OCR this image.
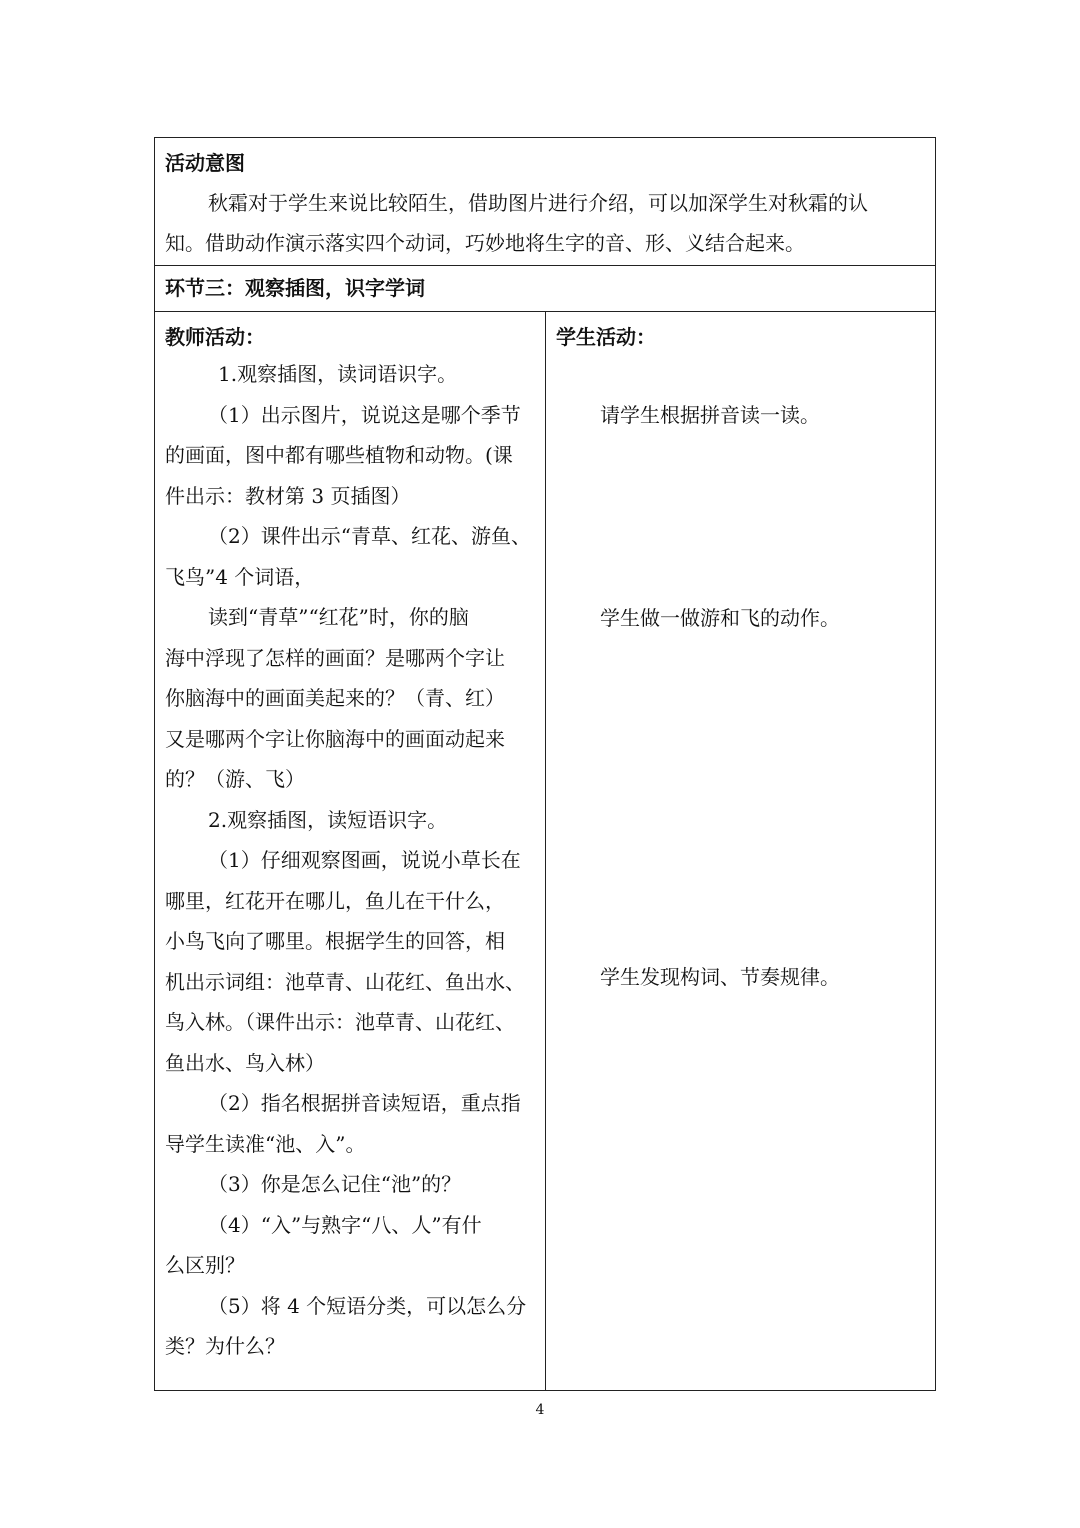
活动意图
秋霜对于学生来说比较陌生，借助图片进行介绍，可以加深学生对秋霜的认
知。借助动作演示落实四个动词，巧妙地将生字的音、形、义结合起来。
环节三：观察插图，识字学词
教师活动：
1.观察插图，读词语识字。
（1）出示图片，说说这是哪个季节
的画面，图中都有哪些植物和动物。(课
件出示：教材第 3 页插图）
（2）课件出示“青草、红花、游鱼、
飞鸟”4 个词语，
读到“青草”“红花”时，你的脑
海中浮现了怎样的画面？是哪两个字让
你脑海中的画面美起来的？（青、红）
又是哪两个字让你脑海中的画面动起来
的？（游、飞）
2.观察插图，读短语识字。
（1）仔细观察图画，说说小草长在
哪里，红花开在哪儿，鱼儿在干什么，
小鸟飞向了哪里。根据学生的回答，相
机出示词组：池草青、山花红、鱼出水、
鸟入林。（课件出示：池草青、山花红、
鱼出水、鸟入林）
（2）指名根据拼音读短语，重点指
导学生读准“池、入”。
（3）你是怎么记住“池”的？
（4）“入”与熟字“八、人”有什
么区别？
（5）将 4 个短语分类，可以怎么分
类？为什么？
学生活动：
请学生根据拼音读一读。
学生做一做游和飞的动作。
学生发现构词、节奏规律。
4
